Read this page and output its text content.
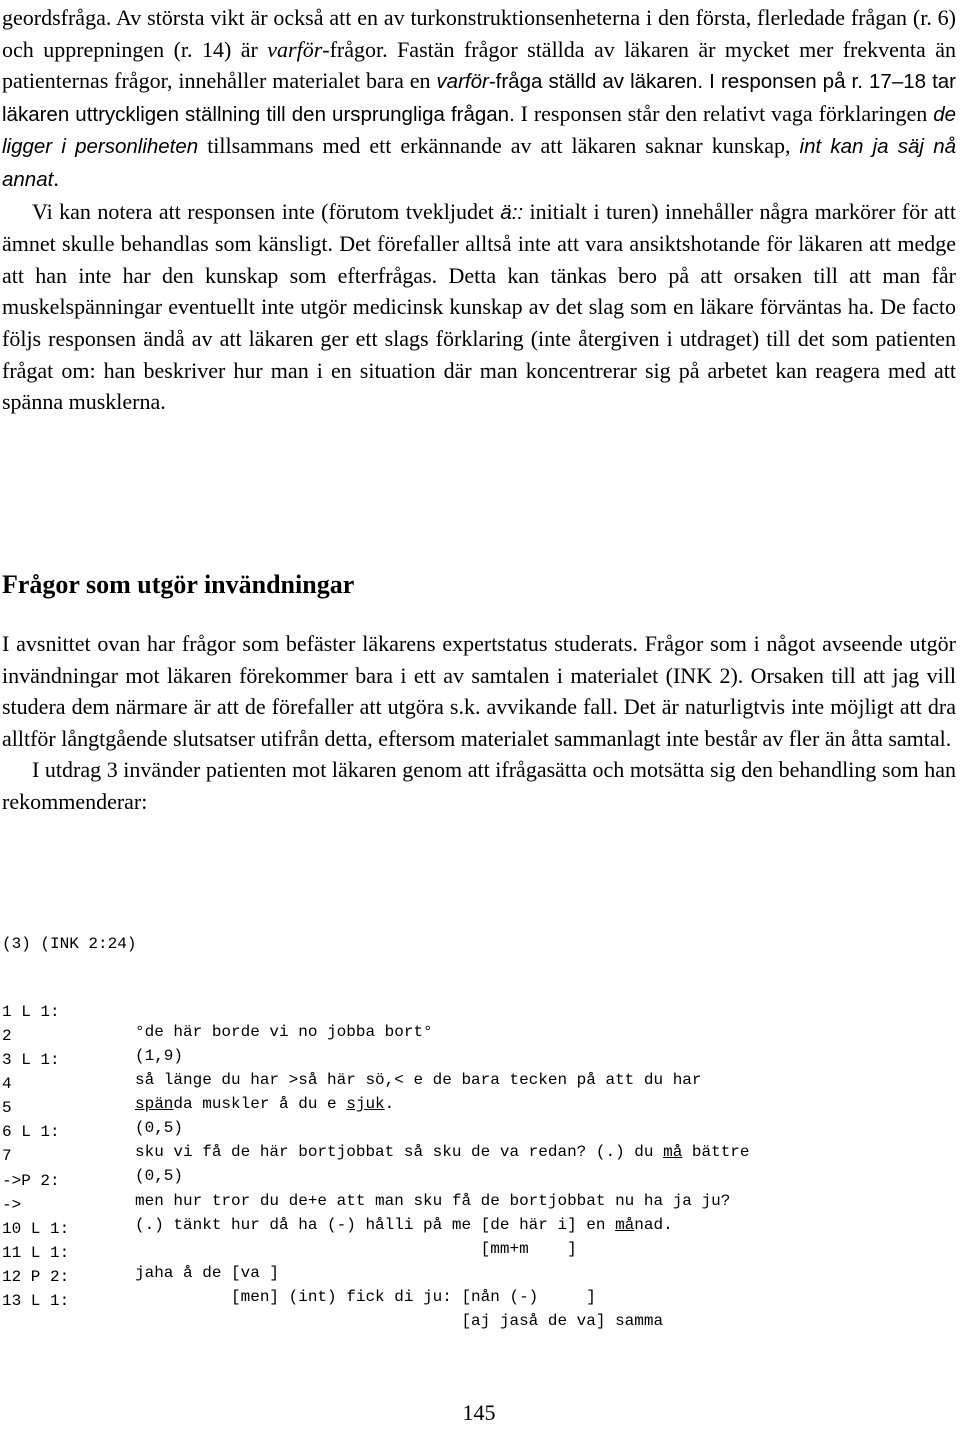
geordsfråga. Av största vikt är också att en av turkonstruktionsenheterna i den första, flerledade frågan (r. 6) och upprepningen (r. 14) är varför-frågor. Fastän frågor ställda av läkaren är mycket mer frekventa än patienternas frågor, innehåller materialet bara en varför-fråga ställd av läkaren. I responsen på r. 17–18 tar läkaren uttryckligen ställning till den ursprungliga frågan. I responsen står den relativt vaga förklaringen de ligger i personliheten tillsammans med ett erkännande av att läkaren saknar kunskap, int kan ja säj nå annat.

Vi kan notera att responsen inte (förutom tvekljudet ä:: initialt i turen) innehåller några markörer för att ämnet skulle behandlas som känsligt. Det förefaller alltså inte att vara ansiktshotande för läkaren att medge att han inte har den kunskap som efterfrågas. Detta kan tänkas bero på att orsaken till att man får muskelspänningar eventuellt inte utgör medicinsk kunskap av det slag som en läkare förväntas ha. De facto följs responsen ändå av att läkaren ger ett slags förklaring (inte återgiven i utdraget) till det som patienten frågat om: han beskriver hur man i en situation där man koncentrerar sig på arbetet kan reagera med att spänna musklerna.

Frågor som utgör invändningar

I avsnittet ovan har frågor som befäster läkarens expertstatus studerats. Frågor som i något avseende utgör invändningar mot läkaren förekommer bara i ett av samtalen i materialet (INK 2). Orsaken till att jag vill studera dem närmare är att de förefaller att utgöra s.k. avvikande fall. Det är naturligtvis inte möjligt att dra alltför långtgående slutsatser utifrån detta, eftersom materialet sammanlagt inte består av fler än åtta samtal.

I utdrag 3 invänder patienten mot läkaren genom att ifrågasätta och motsätta sig den behandling som han rekommenderar:

(3) (INK 2:24)

1 L 1:

°de här borde vi no jobba bort°

2

(1,9)

3 L 1:

så länge du har >så här sö,< e de bara tecken på att du har

4

spända muskler å du e sjuk.

5

(0,5)

6 L 1:

sku vi få de här bortjobbat så sku de va redan? (.) du må bättre

7

(0,5)

->P 2:

men hur tror du de+e att man sku få de bortjobbat nu ha ja ju?

->

(.) tänkt hur då ha (-) hålli på me [de här i] en månad.

10 L 1:

[mm+m    ]

11 L 1:

jaha å de [va ]

12 P 2:

[men] (int) fick di ju: [nån (-)     ]

13 L 1:

[aj jaså de va] samma

145
